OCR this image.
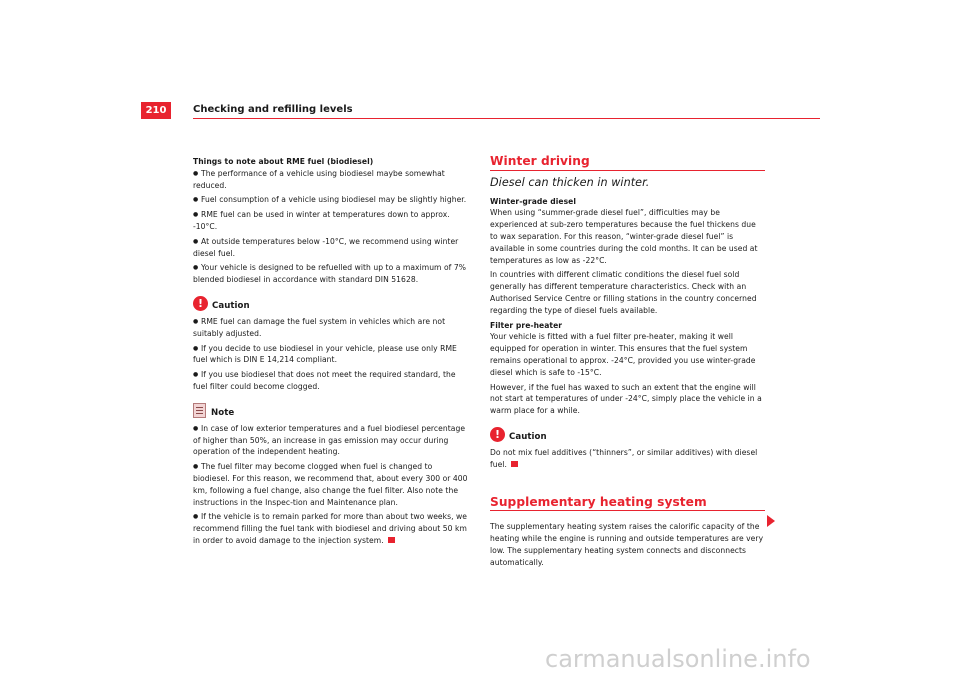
210	Checking and refilling levels

Things to note about RME fuel (biodiesel)

● The performance of a vehicle using biodiesel maybe somewhat reduced.

● Fuel consumption of a vehicle using biodiesel may be slightly higher.

● RME fuel can be used in winter at temperatures down to approx. -10°C.

● At outside temperatures below -10°C, we recommend using winter diesel fuel.

● Your vehicle is designed to be refuelled with up to a maximum of 7% blended biodiesel in accordance with standard DIN 51628.

!	Caution

● RME fuel can damage the fuel system in vehicles which are not suitably adjusted.

● If you decide to use biodiesel in your vehicle, please use only RME fuel which is DIN E 14,214 compliant.

● If you use biodiesel that does not meet the required standard, the fuel filter could become clogged.

Note

● In case of low exterior temperatures and a fuel biodiesel percentage of higher than 50%, an increase in gas emission may occur during operation of the independent heating.

● The fuel filter may become clogged when fuel is changed to biodiesel. For this reason, we recommend that, about every 300 or 400 km, following a fuel change, also change the fuel filter. Also note the instructions in the Inspec-tion and Maintenance plan.

● If the vehicle is to remain parked for more than about two weeks, we recommend filling the fuel tank with biodiesel and driving about 50 km in order to avoid damage to the injection system.

Winter driving

Diesel can thicken in winter.

Winter-grade diesel

When using “summer-grade diesel fuel”, difficulties may be experienced at sub-zero temperatures because the fuel thickens due to wax separation. For this reason, “winter-grade diesel fuel” is available in some countries during the cold months. It can be used at temperatures as low as -22°C.

In countries with different climatic conditions the diesel fuel sold generally has different temperature characteristics. Check with an Authorised Service Centre or filling stations in the country concerned regarding the type of diesel fuels available.

Filter pre-heater

Your vehicle is fitted with a fuel filter pre-heater, making it well equipped for operation in winter. This ensures that the fuel system remains operational to approx. -24°C, provided you use winter-grade diesel which is safe to -15°C.

However, if the fuel has waxed to such an extent that the engine will not start at temperatures of under -24°C, simply place the vehicle in a warm place for a while.

!	Caution

Do not mix fuel additives (“thinners”, or similar additives) with diesel fuel.

Supplementary heating system

The supplementary heating system raises the calorific capacity of the heating while the engine is running and outside temperatures are very low. The supplementary heating system connects and disconnects automatically.

carmanualsonline.info
